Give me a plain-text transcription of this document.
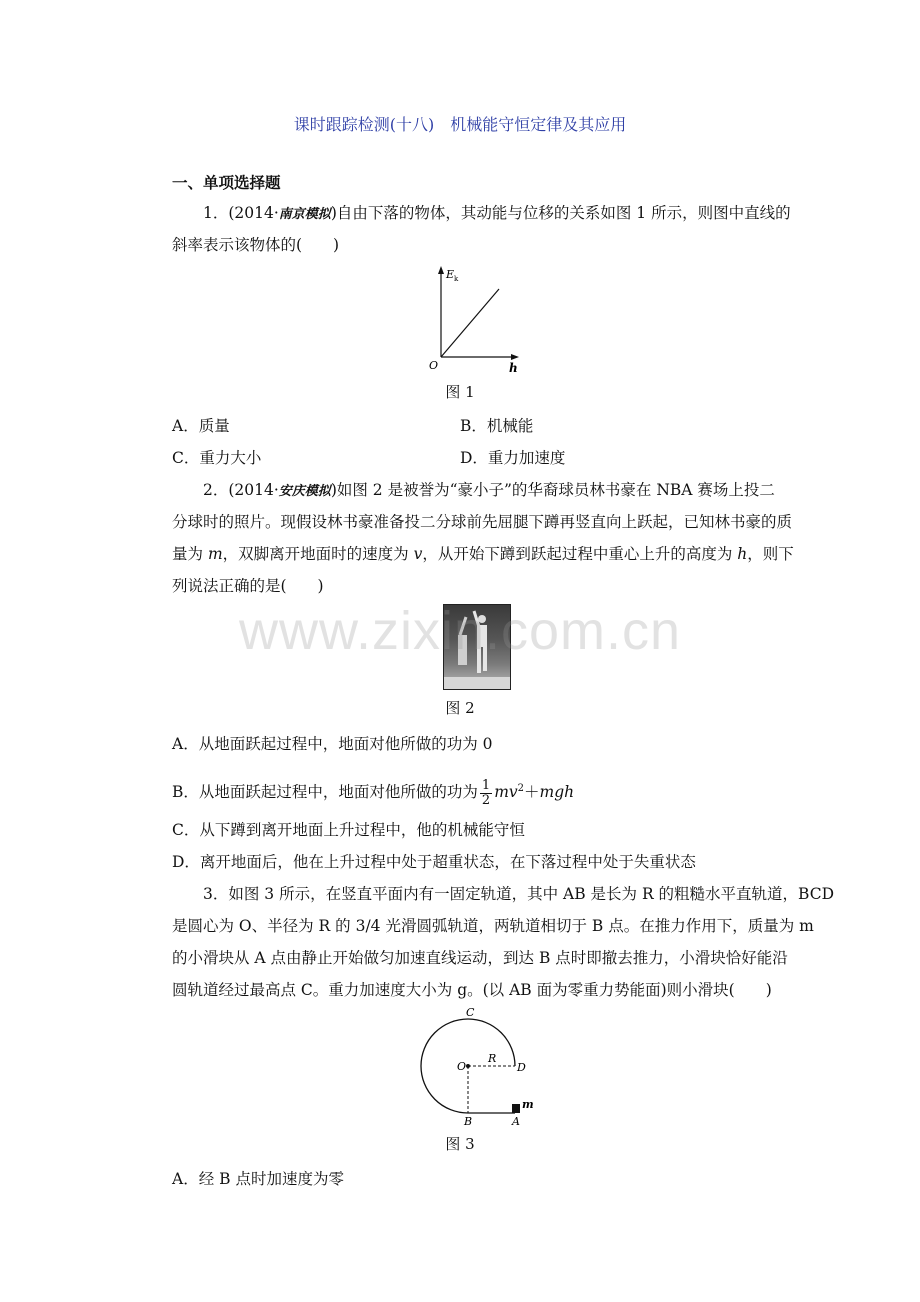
课时跟踪检测(十八)　机械能守恒定律及其应用
一、单项选择题
1．(2014·南京模拟)自由下落的物体，其动能与位移的关系如图 1 所示，则图中直线的
斜率表示该物体的(　　)
E k
O	h
图 1
A．质量	B．机械能
C．重力大小	D．重力加速度
2．(2014·安庆模拟)如图 2 是被誉为“豪小子”的华裔球员林书豪在 NBA 赛场上投二
分球时的照片。现假设林书豪准备投二分球前先屈腿下蹲再竖直向上跃起，已知林书豪的质
量为 m，双脚离开地面时的速度为 v，从开始下蹲到跃起过程中重心上升的高度为 h，则下
列说法正确的是(　　)
图 2
A．从地面跃起过程中，地面对他所做的功为 0
B．从地面跃起过程中，地面对他所做的功为 $\frac{1}{2} mv^2+mgh$
C．从下蹲到离开地面上升过程中，他的机械能守恒
D．离开地面后，他在上升过程中处于超重状态，在下落过程中处于失重状态
3．如图 3 所示，在竖直平面内有一固定轨道，其中 AB 是长为 R 的粗糙水平直轨道，BCD
是圆心为 O、半径为 R 的 3/4 光滑圆弧轨道，两轨道相切于 B 点。在推力作用下，质量为 m
的小滑块从 A 点由静止开始做匀加速直线运动，到达 B 点时即撤去推力，小滑块恰好能沿
圆轨道经过最高点 C。重力加速度大小为 g。(以 AB 面为零重力势能面)则小滑块(　　)
C
O
R
D
B	A
m
图 3
A．经 B 点时加速度为零
www.zixin.com.cn
